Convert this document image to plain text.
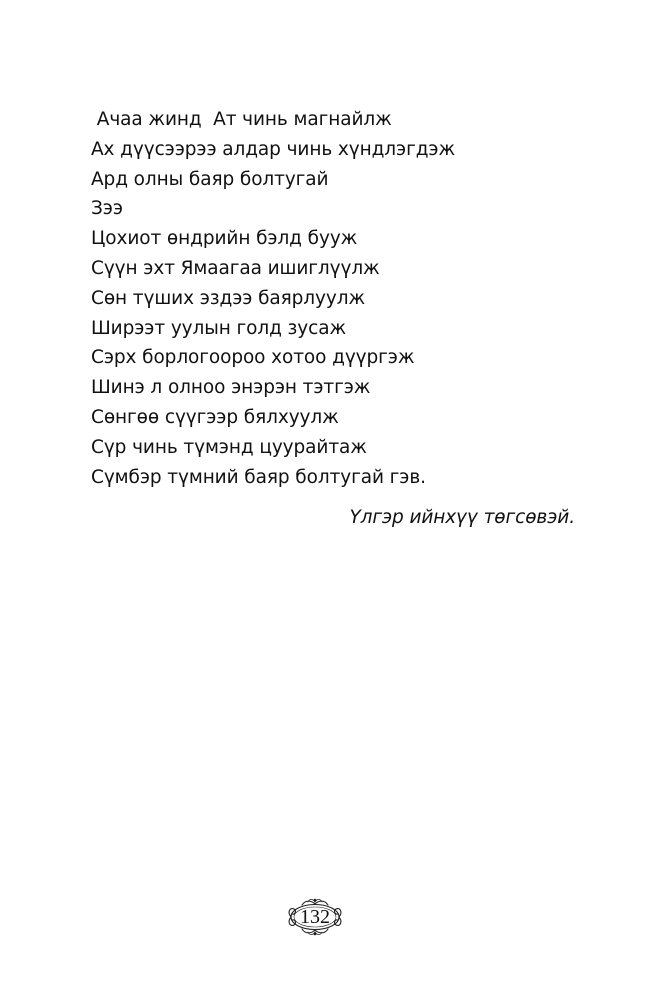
Ачаа жинд  Ат чинь магнайлж
Ах дүүсээрээ алдар чинь хүндлэгдэж
Ард олны баяр болтугай
Зээ
Цохиот өндрийн бэлд бууж
Сүүн эхт Ямаагаа ишиглүүлж
Сөн түших эздээ баярлуулж
Ширээт уулын голд зусаж
Сэрх борлогоороо хотоо дүүргэж
Шинэ л олноо энэрэн тэтгэж
Сөнгөө сүүгээр бялхуулж
Сүр чинь түмэнд цуурайтаж
Сүмбэр түмний баяр болтугай гэв.
Үлгэр ийнхүү төгсөвэй.
132
